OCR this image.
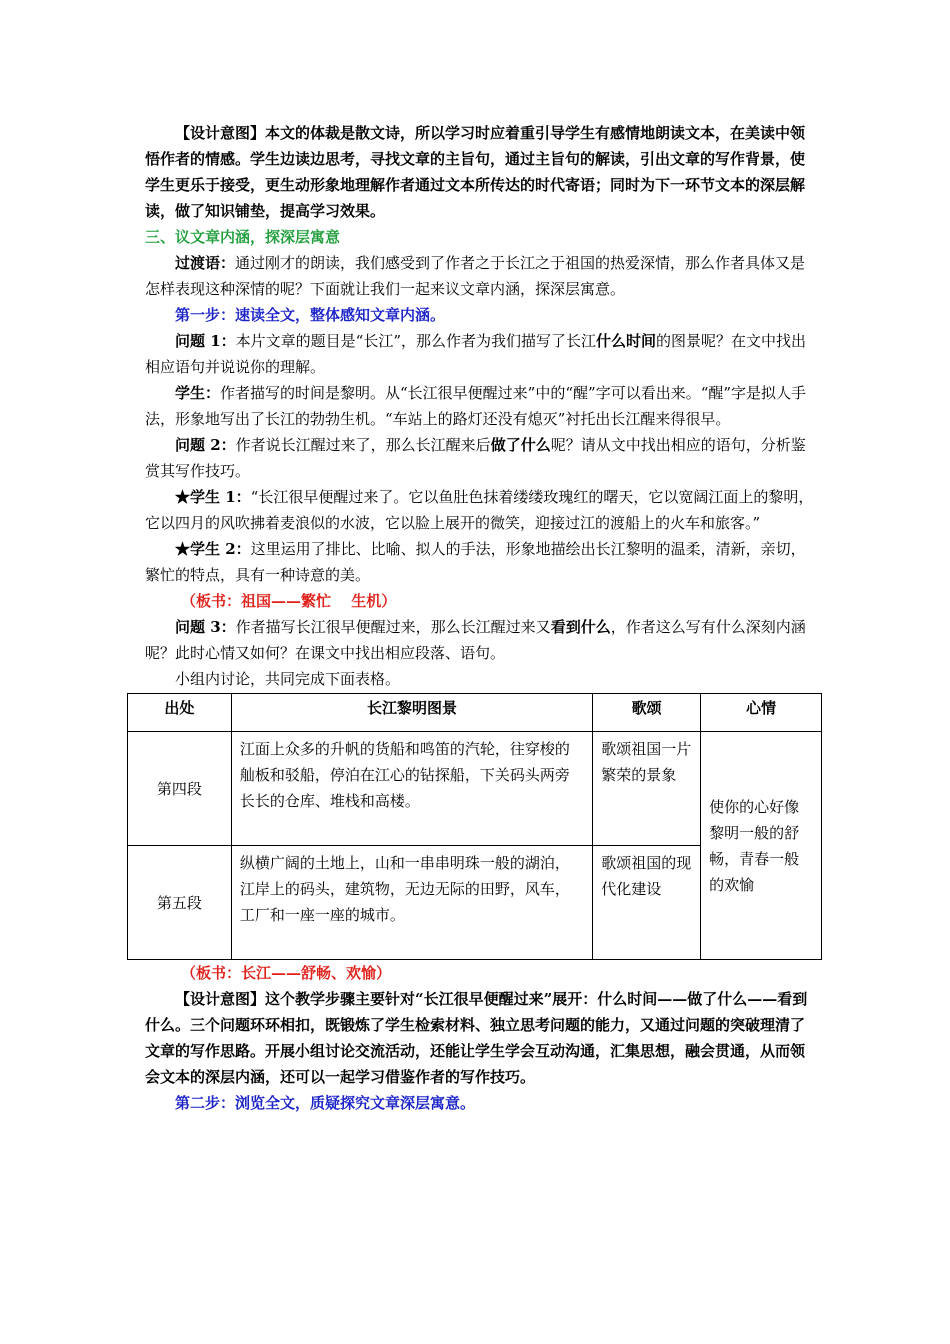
【设计意图】本文的体裁是散文诗，所以学习时应着重引导学生有感情地朗读文本，在美读中领悟作者的情感。学生边读边思考，寻找文章的主旨句，通过主旨句的解读，引出文章的写作背景，使学生更乐于接受，更生动形象地理解作者通过文本所传达的时代寄语；同时为下一环节文本的深层解读，做了知识铺垫，提高学习效果。

三、议文章内涵，探深层寓意

过渡语：通过刚才的朗读，我们感受到了作者之于长江之于祖国的热爱深情，那么作者具体又是怎样表现这种深情的呢？下面就让我们一起来议文章内涵，探深层寓意。

第一步：速读全文，整体感知文章内涵。

问题 1：本片文章的题目是“长江”，那么作者为我们描写了长江什么时间的图景呢？在文中找出相应语句并说说你的理解。

学生：作者描写的时间是黎明。从“长江很早便醒过来”中的“醒”字可以看出来。“醒”字是拟人手法，形象地写出了长江的勃勃生机。“车站上的路灯还没有熄灭”衬托出长江醒来得很早。

问题 2：作者说长江醒过来了，那么长江醒来后做了什么呢？请从文中找出相应的语句，分析鉴赏其写作技巧。

★学生 1：“长江很早便醒过来了。它以鱼肚色抹着缕缕玫瑰红的曙天，它以宽阔江面上的黎明，它以四月的风吹拂着麦浪似的水波，它以脸上展开的微笑，迎接过江的渡船上的火车和旅客。”

★学生 2：这里运用了排比、比喻、拟人的手法，形象地描绘出长江黎明的温柔，清新，亲切，繁忙的特点，具有一种诗意的美。

（板书：祖国——繁忙　 生机）

问题 3：作者描写长江很早便醒过来，那么长江醒过来又看到什么，作者这么写有什么深刻内涵呢？此时心情又如何？在课文中找出相应段落、语句。

小组内讨论，共同完成下面表格。

出处	长江黎明图景	歌颂	心情
第四段	江面上众多的升帆的货船和鸣笛的汽轮，往穿梭的舢板和驳船，停泊在江心的钻探船，下关码头两旁长长的仓库、堆栈和高楼。	歌颂祖国一片繁荣的景象	使你的心好像黎明一般的舒畅，青春一般的欢愉
第五段	纵横广阔的土地上，山和一串串明珠一般的湖泊，江岸上的码头，建筑物，无边无际的田野，风车，工厂和一座一座的城市。	歌颂祖国的现代化建设	

（板书：长江——舒畅、欢愉）

【设计意图】这个教学步骤主要针对“长江很早便醒过来”展开：什么时间——做了什么——看到什么。三个问题环环相扣，既锻炼了学生检索材料、独立思考问题的能力，又通过问题的突破理清了文章的写作思路。开展小组讨论交流活动，还能让学生学会互动沟通，汇集思想，融会贯通，从而领会文本的深层内涵，还可以一起学习借鉴作者的写作技巧。

第二步：浏览全文，质疑探究文章深层寓意。
